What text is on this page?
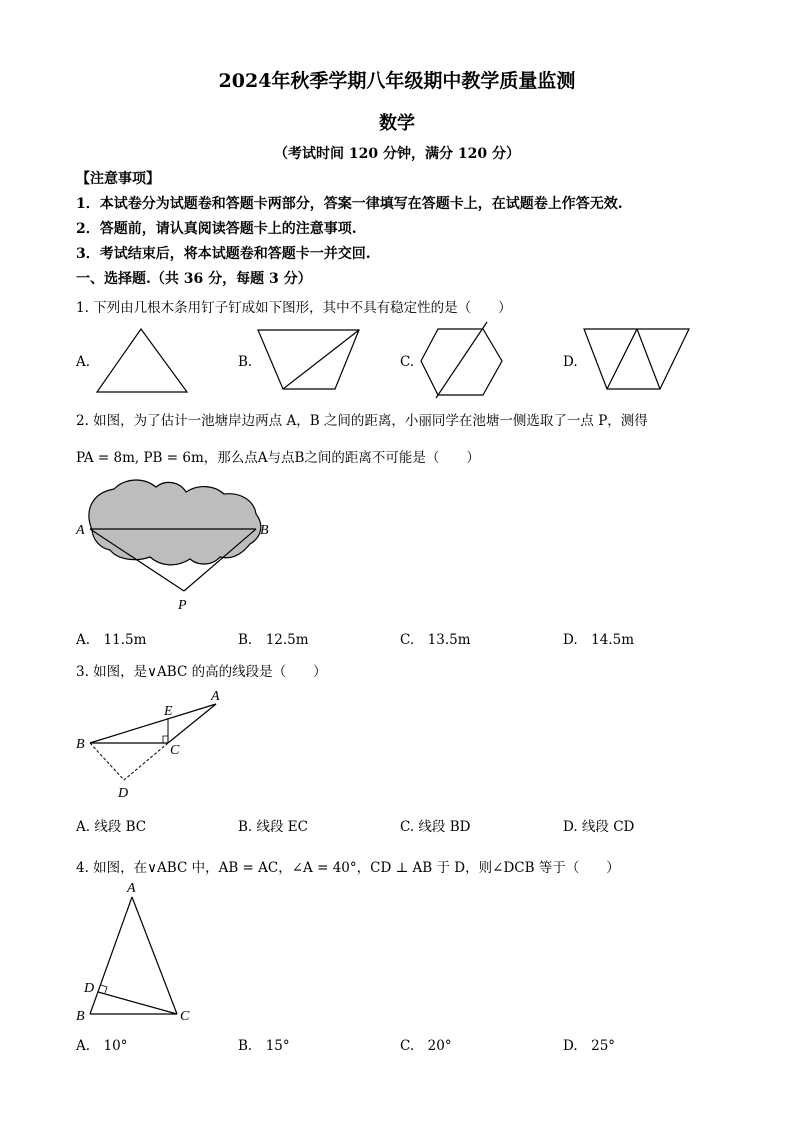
2024年秋季学期八年级期中教学质量监测
数学
（考试时间 120 分钟，满分 120 分）
【注意事项】
1．本试卷分为试题卷和答题卡两部分，答案一律填写在答题卡上，在试题卷上作答无效.
2．答题前，请认真阅读答题卡上的注意事项.
3．考试结束后，将本试题卷和答题卡一并交回.
一、选择题.（共 36 分，每题 3 分）
1. 下列由几根木条用钉子钉成如下图形，其中不具有稳定性的是（　　）
A.	B.	C.	D.
2. 如图，为了估计一池塘岸边两点 A，B 之间的距离，小丽同学在池塘一侧选取了一点 P，测得
PA = 8m, PB = 6m，那么点A与点B之间的距离不可能是（　　）
A	B
P
A.　11.5m	B.　12.5m	C.　13.5m	D.　14.5m
3. 如图，是∨ABC 的高的线段是（　　）
A
E
B	C
D
A. 线段 BC	B. 线段 EC	C. 线段 BD	D. 线段 CD
4. 如图，在∨ABC 中，AB = AC，∠A = 40°，CD ⊥ AB 于 D，则∠DCB 等于（　　）
A
D
B	C
A.　10°	B.　15°	C.　20°	D.　25°
